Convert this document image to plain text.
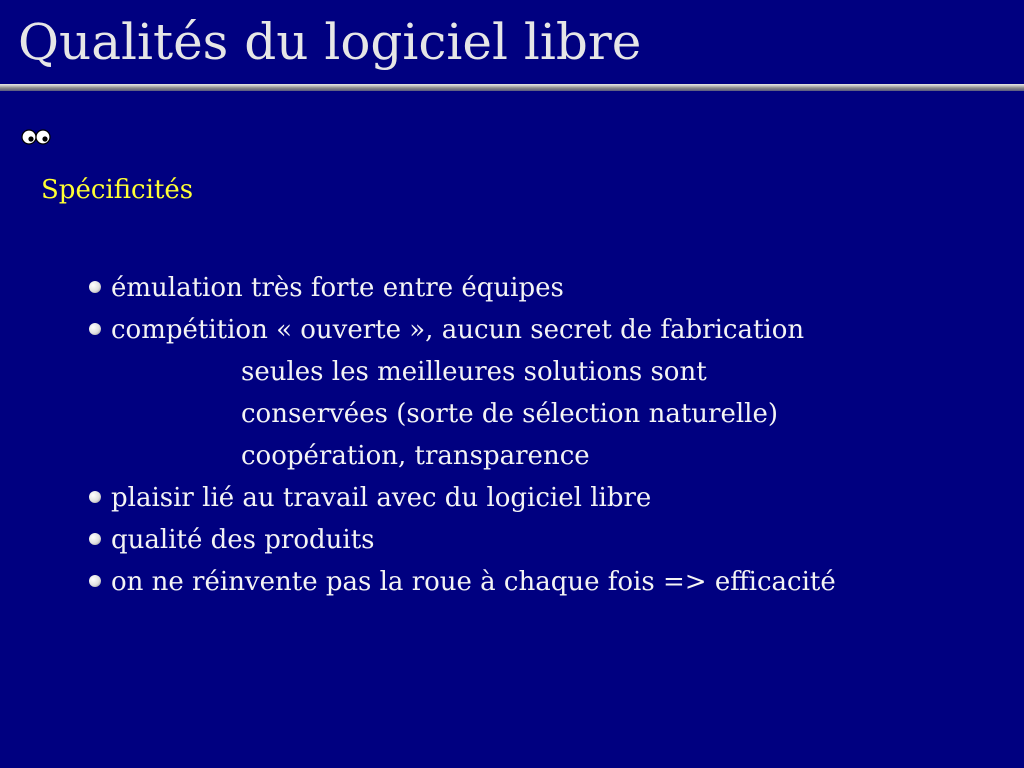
Qualités du logiciel libre
Spécificités
émulation très forte entre équipes
compétition « ouverte », aucun secret de fabrication
seules les meilleures solutions sont
conservées (sorte de sélection naturelle)
coopération, transparence
plaisir lié au travail avec du logiciel libre
qualité des produits
on ne réinvente pas la roue à chaque fois => efficacité
